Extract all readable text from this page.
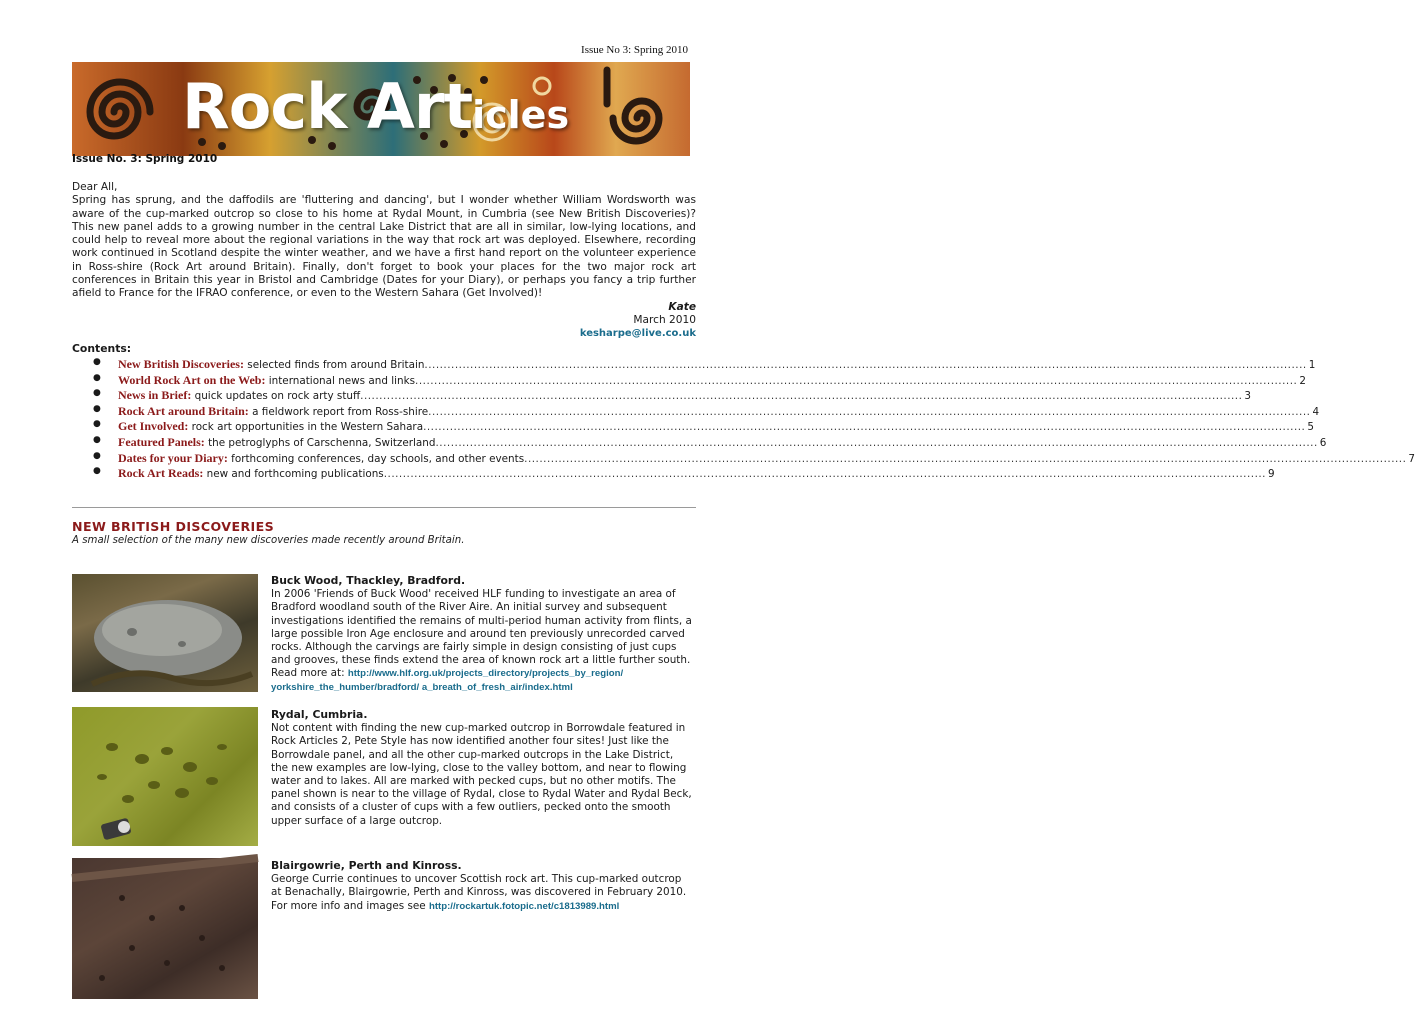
Issue No 3: Spring 2010
Rock Articles
Issue No. 3: Spring 2010
Dear All,
Spring has sprung, and the daffodils are 'fluttering and dancing', but I wonder whether William Wordsworth was aware of the cup-marked outcrop so close to his home at Rydal Mount, in Cumbria (see New British Discoveries)? This new panel adds to a growing number in the central Lake District that are all in similar, low-lying locations, and could help to reveal more about the regional variations in the way that rock art was deployed. Elsewhere, recording work continued in Scotland despite the winter weather, and we have a first hand report on the volunteer experience in Ross-shire (Rock Art around Britain). Finally, don't forget to book your places for the two major rock art conferences in Britain this year in Bristol and Cambridge (Dates for your Diary), or perhaps you fancy a trip further afield to France for the IFRAO conference, or even to the Western Sahara (Get Involved)!
Kate
March 2010
kesharpe@live.co.uk
Contents:
●	New British Discoveries: selected finds from around Britain .....	1
●	World Rock Art on the Web: international news and links .....	2
●	News in Brief: quick updates on rock arty stuff .....	3
●	Rock Art around Britain: a fieldwork report from Ross-shire .....	4
●	Get Involved: rock art opportunities in the Western Sahara .....	5
●	Featured Panels: the petroglyphs of Carschenna, Switzerland .....	6
●	Dates for your Diary: forthcoming conferences, day schools, and other events .....	7
●	Rock Art Reads: new and forthcoming publications .....	9
NEW BRITISH DISCOVERIES
A small selection of the many new discoveries made recently around Britain.
Buck Wood, Thackley, Bradford.
In 2006 'Friends of Buck Wood' received HLF funding to investigate an area of Bradford woodland south of the River Aire. An initial survey and subsequent investigations identified the remains of multi-period human activity from flints, a large possible Iron Age enclosure and around ten previously unrecorded carved rocks. Although the carvings are fairly simple in design consisting of just cups and grooves, these finds extend the area of known rock art a little further south.
Read more at: http://www.hlf.org.uk/projects_directory/projects_by_region/
yorkshire_the_humber/bradford/ a_breath_of_fresh_air/index.html
Rydal, Cumbria.
Not content with finding the new cup-marked outcrop in Borrowdale featured in Rock Articles 2, Pete Style has now identified another four sites! Just like the Borrowdale panel, and all the other cup-marked outcrops in the Lake District, the new examples are low-lying, close to the valley bottom, and near to flowing water and to lakes. All are marked with pecked cups, but no other motifs. The panel shown is near to the village of Rydal, close to Rydal Water and Rydal Beck, and consists of a cluster of cups with a few outliers, pecked onto the smooth upper surface of a large outcrop.
Blairgowrie, Perth and Kinross.
George Currie continues to uncover Scottish rock art. This cup-marked outcrop at Benachally, Blairgowrie, Perth and Kinross, was discovered in February 2010.
For more info and images see http://rockartuk.fotopic.net/c1813989.html
